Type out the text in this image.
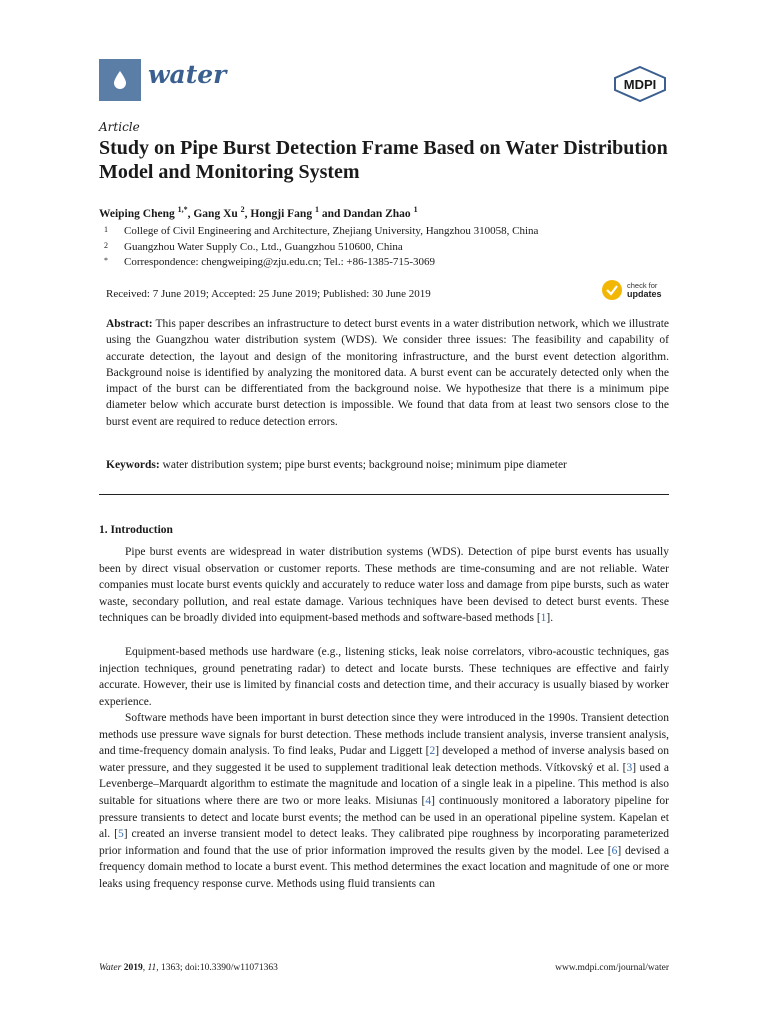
water	MDPI
Article
Study on Pipe Burst Detection Frame Based on Water Distribution Model and Monitoring System
Weiping Cheng $^{1,*}$, Gang Xu $^2$, Hongji Fang $^1$ and Dandan Zhao $^1$
1 College of Civil Engineering and Architecture, Zhejiang University, Hangzhou 310058, China
2 Guangzhou Water Supply Co., Ltd., Guangzhou 510600, China
* Correspondence: chengweiping@zju.edu.cn; Tel.: +86-1385-715-3069
Received: 7 June 2019; Accepted: 25 June 2019; Published: 30 June 2019
check for
updates

Abstract: This paper describes an infrastructure to detect burst events in a water distribution network, which we illustrate using the Guangzhou water distribution system (WDS). We consider three issues: The feasibility and capability of accurate detection, the layout and design of the monitoring infrastructure, and the burst event detection algorithm. Background noise is identified by analyzing the monitored data. A burst event can be accurately detected only when the impact of the burst can be differentiated from the background noise. We hypothesize that there is a minimum pipe diameter below which accurate burst detection is impossible. We found that data from at least two sensors close to the burst event are required to reduce detection errors.

Keywords: water distribution system; pipe burst events; background noise; minimum pipe diameter
1. Introduction

Pipe burst events are widespread in water distribution systems (WDS). Detection of pipe burst events has usually been by direct visual observation or customer reports. These methods are time-consuming and are not reliable. Water companies must locate burst events quickly and accurately to reduce water loss and damage from pipe bursts, such as water waste, secondary pollution, and real estate damage. Various techniques have been devised to detect burst events. These techniques can be broadly divided into equipment-based methods and software-based methods [1].

Equipment-based methods use hardware (e.g., listening sticks, leak noise correlators, vibro-acoustic techniques, gas injection techniques, ground penetrating radar) to detect and locate bursts. These techniques are effective and fairly accurate. However, their use is limited by financial costs and detection time, and their accuracy is usually biased by worker experience.

Software methods have been important in burst detection since they were introduced in the 1990s. Transient detection methods use pressure wave signals for burst detection. These methods include transient analysis, inverse transient analysis, and time-frequency domain analysis. To find leaks, Pudar and Liggett [2] developed a method of inverse analysis based on water pressure, and they suggested it be used to supplement traditional leak detection methods. Vítkovský et al. [3] used a Levenberge–Marquardt algorithm to estimate the magnitude and location of a single leak in a pipeline. This method is also suitable for situations where there are two or more leaks. Misiunas [4] continuously monitored a laboratory pipeline for pressure transients to detect and locate burst events; the method can be used in an operational pipeline system. Kapelan et al. [5] created an inverse transient model to detect leaks. They calibrated pipe roughness by incorporating parameterized prior information and found that the use of prior information improved the results given by the model. Lee [6] devised a frequency domain method to locate a burst event. This method determines the exact location and magnitude of one or more leaks using frequency response curve. Methods using fluid transients can

Water 2019, 11, 1363; doi:10.3390/w11071363	www.mdpi.com/journal/water
